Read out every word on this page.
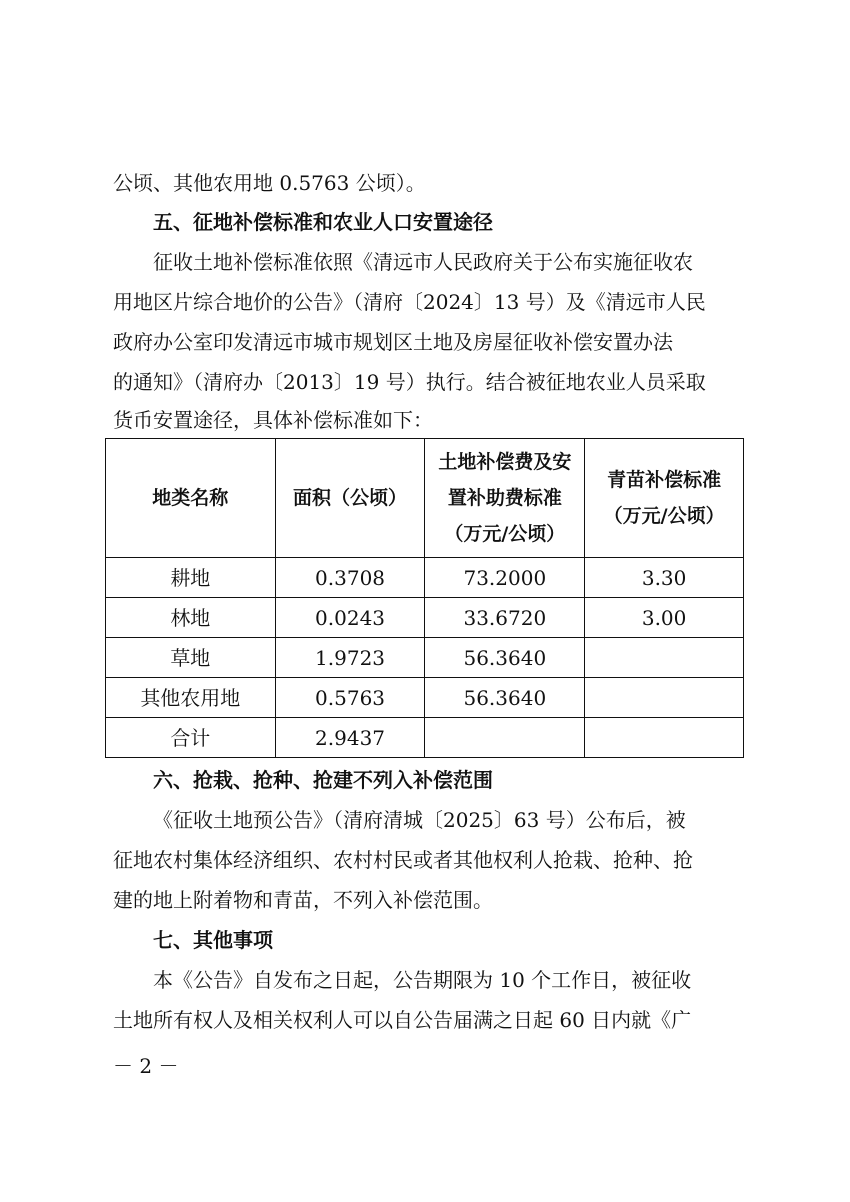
公顷、其他农用地 0.5763 公顷）。
五、征地补偿标准和农业人口安置途径
征收土地补偿标准依照《清远市人民政府关于公布实施征收农
用地区片综合地价的公告》（清府〔2024〕13 号）及《清远市人民
政府办公室印发清远市城市规划区土地及房屋征收补偿安置办法
的通知》（清府办〔2013〕19 号）执行。结合被征地农业人员采取
货币安置途径，具体补偿标准如下：
地类名称	面积（公顷）	土地补偿费及安置补助费标准（万元/公顷）	青苗补偿标准（万元/公顷）
耕地	0.3708	73.2000	3.30
林地	0.0243	33.6720	3.00
草地	1.9723	56.3640	
其他农用地	0.5763	56.3640	
合计	2.9437		
六、抢栽、抢种、抢建不列入补偿范围
《征收土地预公告》（清府清城〔2025〕63 号）公布后，被
征地农村集体经济组织、农村村民或者其他权利人抢栽、抢种、抢
建的地上附着物和青苗，不列入补偿范围。
七、其他事项
本《公告》自发布之日起，公告期限为 10 个工作日，被征收
土地所有权人及相关权利人可以自公告届满之日起 60 日内就《广
－ 2 －
